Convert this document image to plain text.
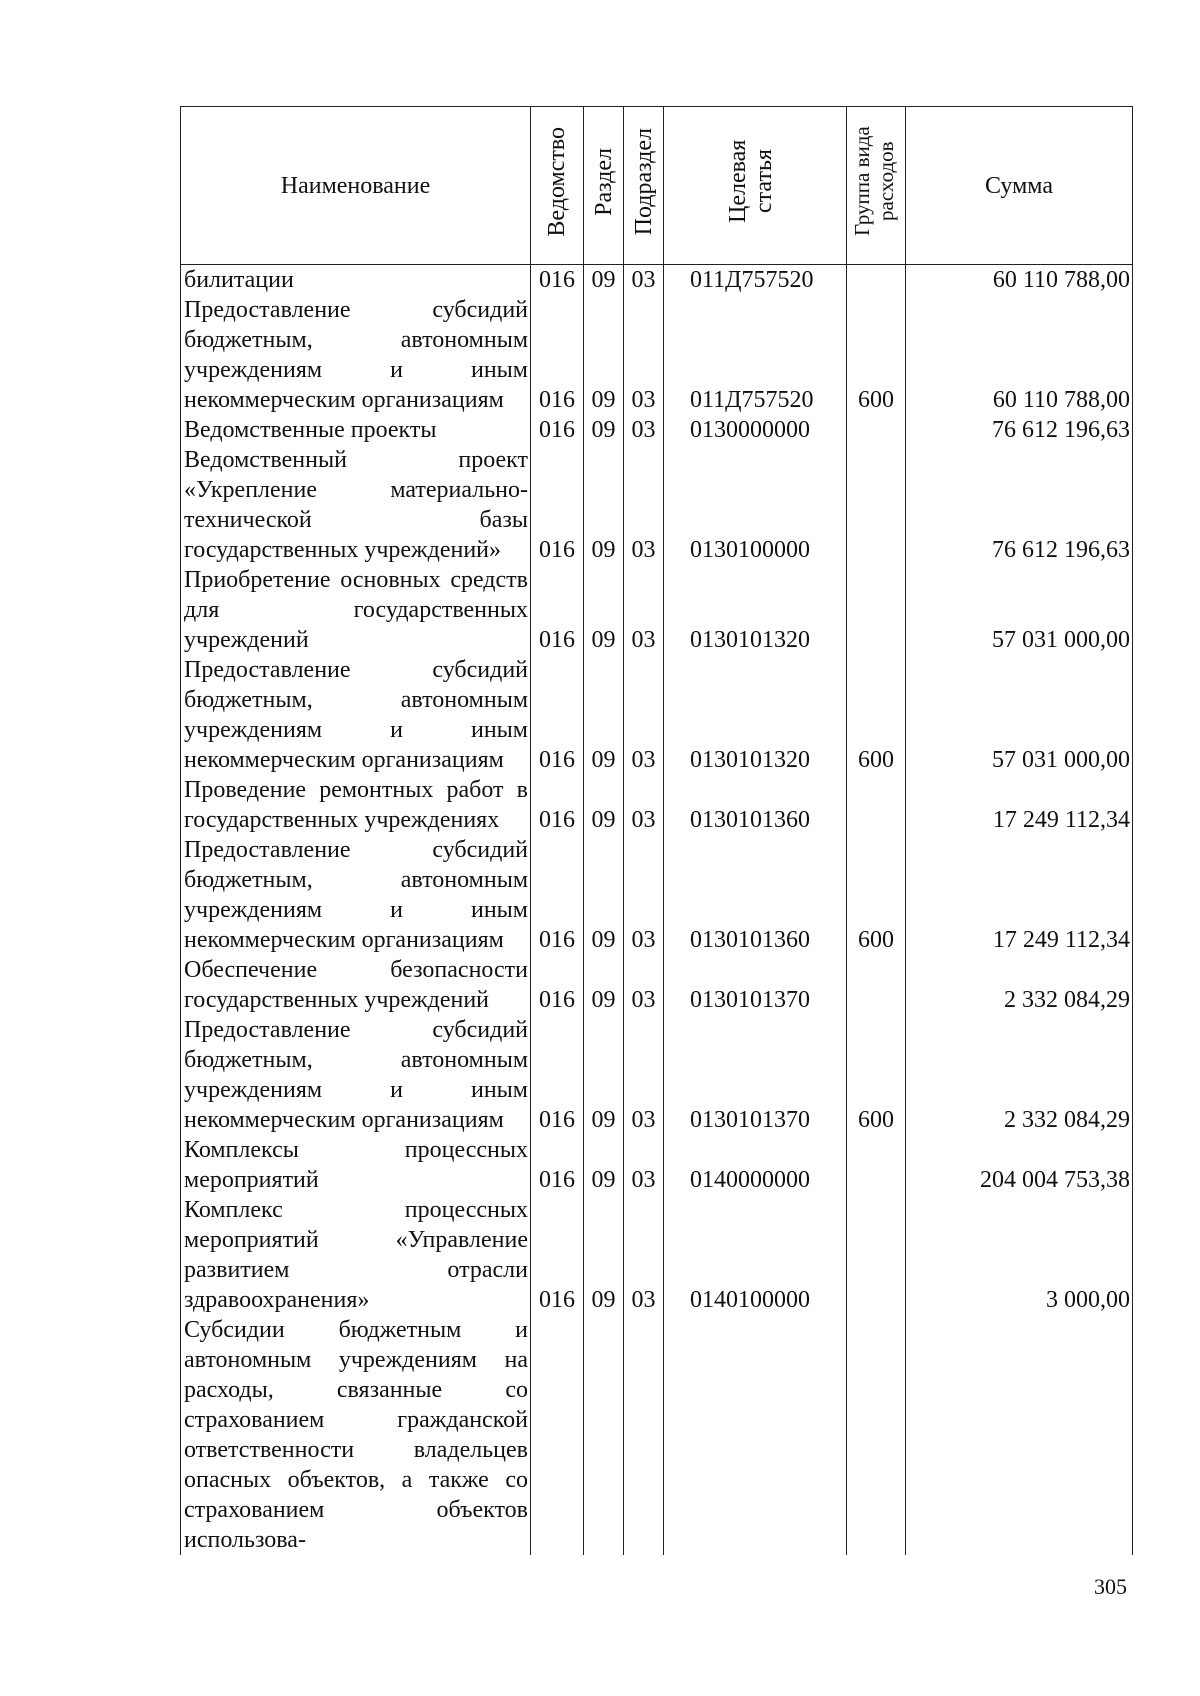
Наименование	Ведомство	Раздел	Подраздел	Целевая статья	Группа вида расходов	Сумма
билитации	016	09	03	011Д757520		60 110 788,00
Предоставление субсидий бюджетным, автономным учреждениям и иным некоммерческим организациям	016	09	03	011Д757520	600	60 110 788,00
Ведомственные проекты	016	09	03	0130000000		76 612 196,63
Ведомственный проект «Укрепление материально-технической базы государственных учреждений»	016	09	03	0130100000		76 612 196,63
Приобретение основных средств для государственных учреждений	016	09	03	0130101320		57 031 000,00
Предоставление субсидий бюджетным, автономным учреждениям и иным некоммерческим организациям	016	09	03	0130101320	600	57 031 000,00
Проведение ремонтных работ в государственных учреждениях	016	09	03	0130101360		17 249 112,34
Предоставление субсидий бюджетным, автономным учреждениям и иным некоммерческим организациям	016	09	03	0130101360	600	17 249 112,34
Обеспечение безопасности государственных учреждений	016	09	03	0130101370		2 332 084,29
Предоставление субсидий бюджетным, автономным учреждениям и иным некоммерческим организациям	016	09	03	0130101370	600	2 332 084,29
Комплексы процессных мероприятий	016	09	03	0140000000		204 004 753,38
Комплекс процессных мероприятий «Управление развитием отрасли здравоохранения»	016	09	03	0140100000		3 000,00
Субсидии бюджетным и автономным учреждениям на расходы, связанные со страхованием гражданской ответственности владельцев опасных объектов, а также со страхованием объектов использова-						
305
